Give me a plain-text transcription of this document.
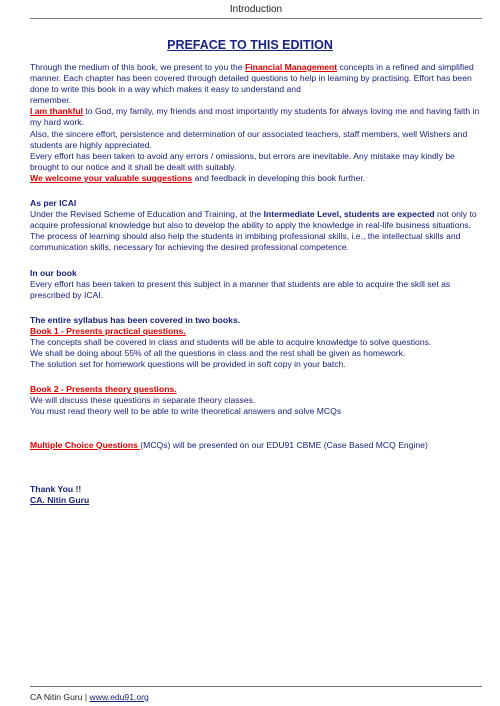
Introduction
PREFACE TO THIS EDITION

Through the medium of this book, we present to you the Financial Management concepts in a refined and simplified manner. Each chapter has been covered through detailed questions to help in learning by practising. Effort has been done to write this book in a way which makes it easy to understand and
remember.

I am thankful to God, my family, my friends and most importantly my students for always loving me and having faith in my hard work.

Also, the sincere effort, persistence and determination of our associated teachers, staff members, well Wishers and students are highly appreciated.

Every effort has been taken to avoid any errors / omissions, but errors are inevitable. Any mistake may kindly be brought to our notice and it shall be dealt with suitably.

We welcome your valuable suggestions and feedback in developing this book further.

As per ICAI

Under the Revised Scheme of Education and Training, at the Intermediate Level, students are expected not only to acquire professional knowledge but also to develop the ability to apply the knowledge in real-life business situations. The process of learning should also help the students in imbibing professional skills, i.e., the intellectual skills and communication skills, necessary for achieving the desired professional competence.

In our book

Every effort has been taken to present this subject in a manner that students are able to acquire the skill set as prescribed by ICAI.

The entire syllabus has been covered in two books.

Book 1 - Presents practical questions.

The concepts shall be covered in class and students will be able to acquire knowledge to solve questions.

We shall be doing about 55% of all the questions in class and the rest shall be given as homework.

The solution set for homework questions will be provided in soft copy in your batch.

Book 2 - Presents theory questions.

We will discuss these questions in separate theory classes.

You must read theory well to be able to write theoretical answers and solve MCQs

Multiple Choice Questions (MCQs) will be presented on our EDU91 CBME (Case Based MCQ Engine)

Thank You !!

CA. Nitin Guru

CA Nitin Guru | www.edu91.org
